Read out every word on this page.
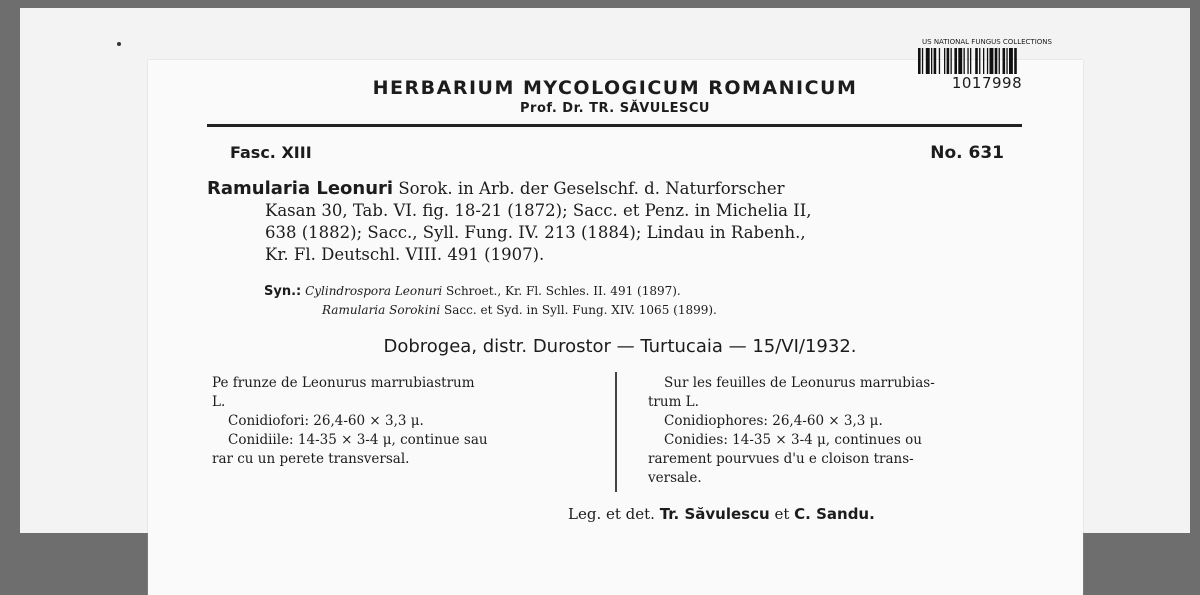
US NATIONAL FUNGUS COLLECTIONS
1017998
HERBARIUM MYCOLOGICUM ROMANICUM
Prof. Dr. TR. SĂVULESCU
Fasc. XIII	No. 631
Ramularia Leonuri Sorok. in Arb. der Geselschf. d. Naturforscher
Kasan 30, Tab. VI. fig. 18-21 (1872); Sacc. et Penz. in Michelia II,
638 (1882); Sacc., Syll. Fung. IV. 213 (1884); Lindau in Rabenh.,
Kr. Fl. Deutschl. VIII. 491 (1907).
Syn.: Cylindrospora Leonuri Schroet., Kr. Fl. Schles. II. 491 (1897).
Ramularia Sorokini Sacc. et Syd. in Syll. Fung. XIV. 1065 (1899).
Dobrogea, distr. Durostor — Turtucaia — 15/VI/1932.
Pe frunze de Leonurus marrubiastrum
L.
Conidiofori: 26,4-60 × 3,3 μ.
Conidiile: 14-35 × 3-4 μ, continue sau
rar cu un perete transversal.
Sur les feuilles de Leonurus marrubias-
trum L.
Conidiophores: 26,4-60 × 3,3 μ.
Conidies: 14-35 × 3-4 μ, continues ou
rarement pourvues d'u e cloison trans-
versale.
Leg. et det. Tr. Săvulescu et C. Sandu.
